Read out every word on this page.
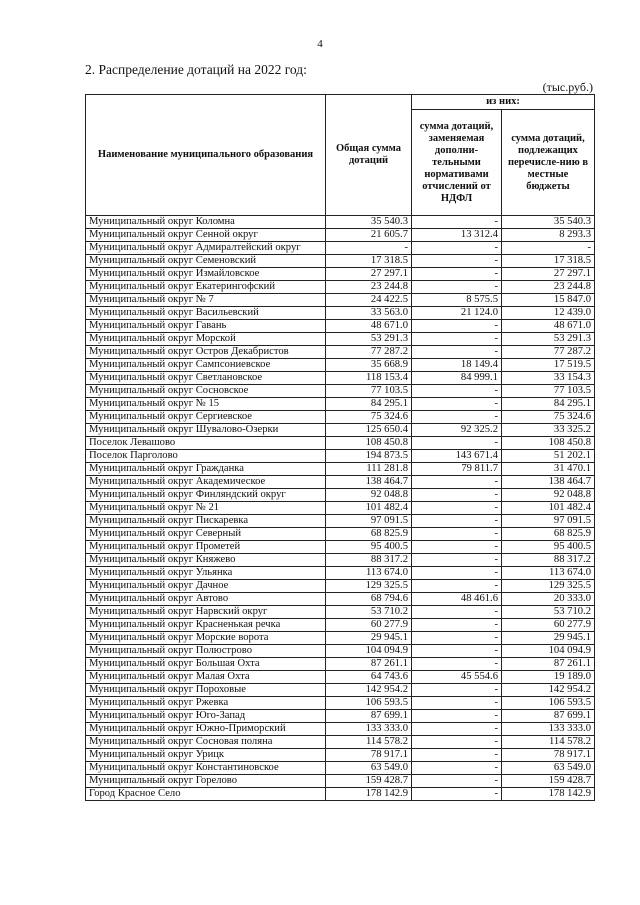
4
2. Распределение дотаций на 2022 год:
(тыс.руб.)
Наименование муниципального образования	Общая сумма дотаций	из них:	
		сумма дотаций, заменяемая дополни-тельными нормативами отчислений от НДФЛ	сумма дотаций, подлежащих перечисле-нию в местные бюджеты
Муниципальный округ Коломна	35 540.3	-	35 540.3
Муниципальный округ Сенной округ	21 605.7	13 312.4	8 293.3
Муниципальный округ Адмиралтейский округ	-	-	-
Муниципальный округ Семеновский	17 318.5	-	17 318.5
Муниципальный округ Измайловское	27 297.1	-	27 297.1
Муниципальный округ Екатерингофский	23 244.8	-	23 244.8
Муниципальный округ № 7	24 422.5	8 575.5	15 847.0
Муниципальный округ Васильевский	33 563.0	21 124.0	12 439.0
Муниципальный округ Гавань	48 671.0	-	48 671.0
Муниципальный округ Морской	53 291.3	-	53 291.3
Муниципальный округ Остров Декабристов	77 287.2	-	77 287.2
Муниципальный округ Сампсониевское	35 668.9	18 149.4	17 519.5
Муниципальный округ Светлановское	118 153.4	84 999.1	33 154.3
Муниципальный округ Сосновское	77 103.5	-	77 103.5
Муниципальный округ № 15	84 295.1	-	84 295.1
Муниципальный округ Сергиевское	75 324.6	-	75 324.6
Муниципальный округ Шувалово-Озерки	125 650.4	92 325.2	33 325.2
Поселок Левашово	108 450.8	-	108 450.8
Поселок Парголово	194 873.5	143 671.4	51 202.1
Муниципальный округ Гражданка	111 281.8	79 811.7	31 470.1
Муниципальный округ Академическое	138 464.7	-	138 464.7
Муниципальный округ Финляндский округ	92 048.8	-	92 048.8
Муниципальный округ № 21	101 482.4	-	101 482.4
Муниципальный округ Пискаревка	97 091.5	-	97 091.5
Муниципальный округ Северный	68 825.9	-	68 825.9
Муниципальный округ Прометей	95 400.5	-	95 400.5
Муниципальный округ Княжево	88 317.2	-	88 317.2
Муниципальный округ Ульянка	113 674.0	-	113 674.0
Муниципальный округ Дачное	129 325.5	-	129 325.5
Муниципальный округ Автово	68 794.6	48 461.6	20 333.0
Муниципальный округ Нарвский округ	53 710.2	-	53 710.2
Муниципальный округ Красненькая речка	60 277.9	-	60 277.9
Муниципальный округ Морские ворота	29 945.1	-	29 945.1
Муниципальный округ Полюстрово	104 094.9	-	104 094.9
Муниципальный округ Большая Охта	87 261.1	-	87 261.1
Муниципальный округ Малая Охта	64 743.6	45 554.6	19 189.0
Муниципальный округ Пороховые	142 954.2	-	142 954.2
Муниципальный округ Ржевка	106 593.5	-	106 593.5
Муниципальный округ Юго-Запад	87 699.1	-	87 699.1
Муниципальный округ Южно-Приморский	133 333.0	-	133 333.0
Муниципальный округ Сосновая поляна	114 578.2	-	114 578.2
Муниципальный округ Урицк	78 917.1	-	78 917.1
Муниципальный округ Константиновское	63 549.0	-	63 549.0
Муниципальный округ Горелово	159 428.7	-	159 428.7
Город Красное Село	178 142.9	-	178 142.9
